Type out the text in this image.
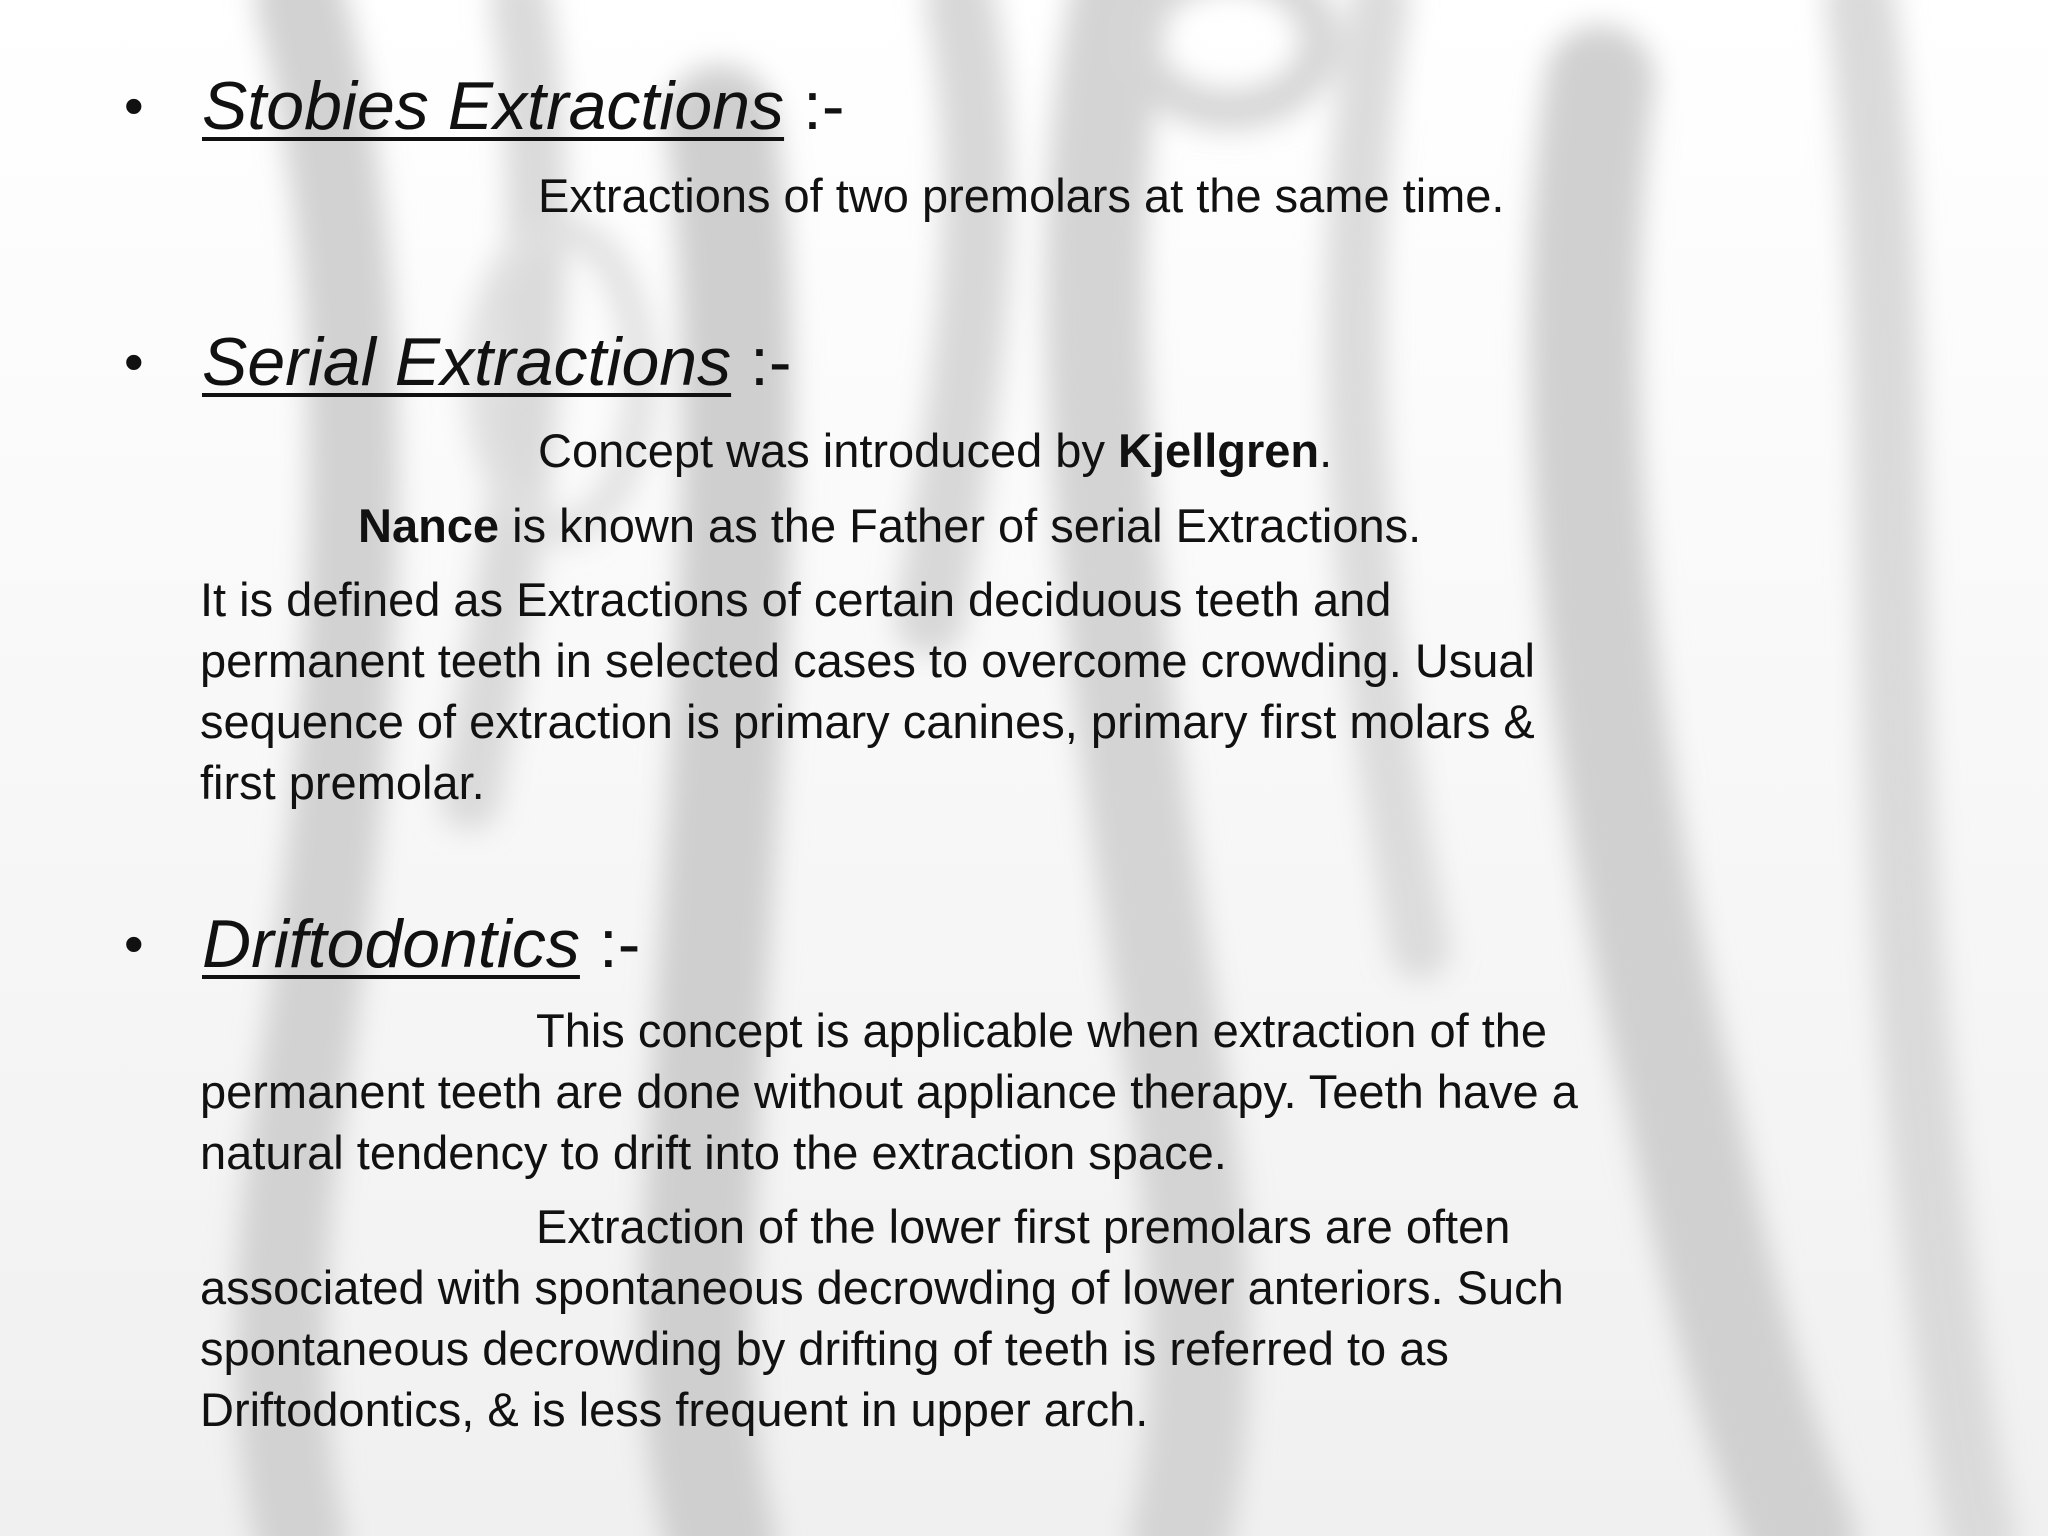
• Stobies Extractions :-
Extractions of two premolars at the same time.
• Serial Extractions :-
Concept was introduced by Kjellgren.
Nance is known as the Father of serial Extractions.
It is defined as Extractions of certain deciduous teeth and
permanent teeth in selected cases to overcome crowding. Usual
sequence of extraction is primary canines, primary first molars &
first premolar.
• Driftodontics :-
This concept is applicable when extraction of the
permanent teeth are done without appliance therapy. Teeth have a
natural tendency to drift into the extraction space.
Extraction of the lower first premolars are often
associated with spontaneous decrowding of lower anteriors. Such
spontaneous decrowding by drifting of teeth is referred to as
Driftodontics, & is less frequent in upper arch.
